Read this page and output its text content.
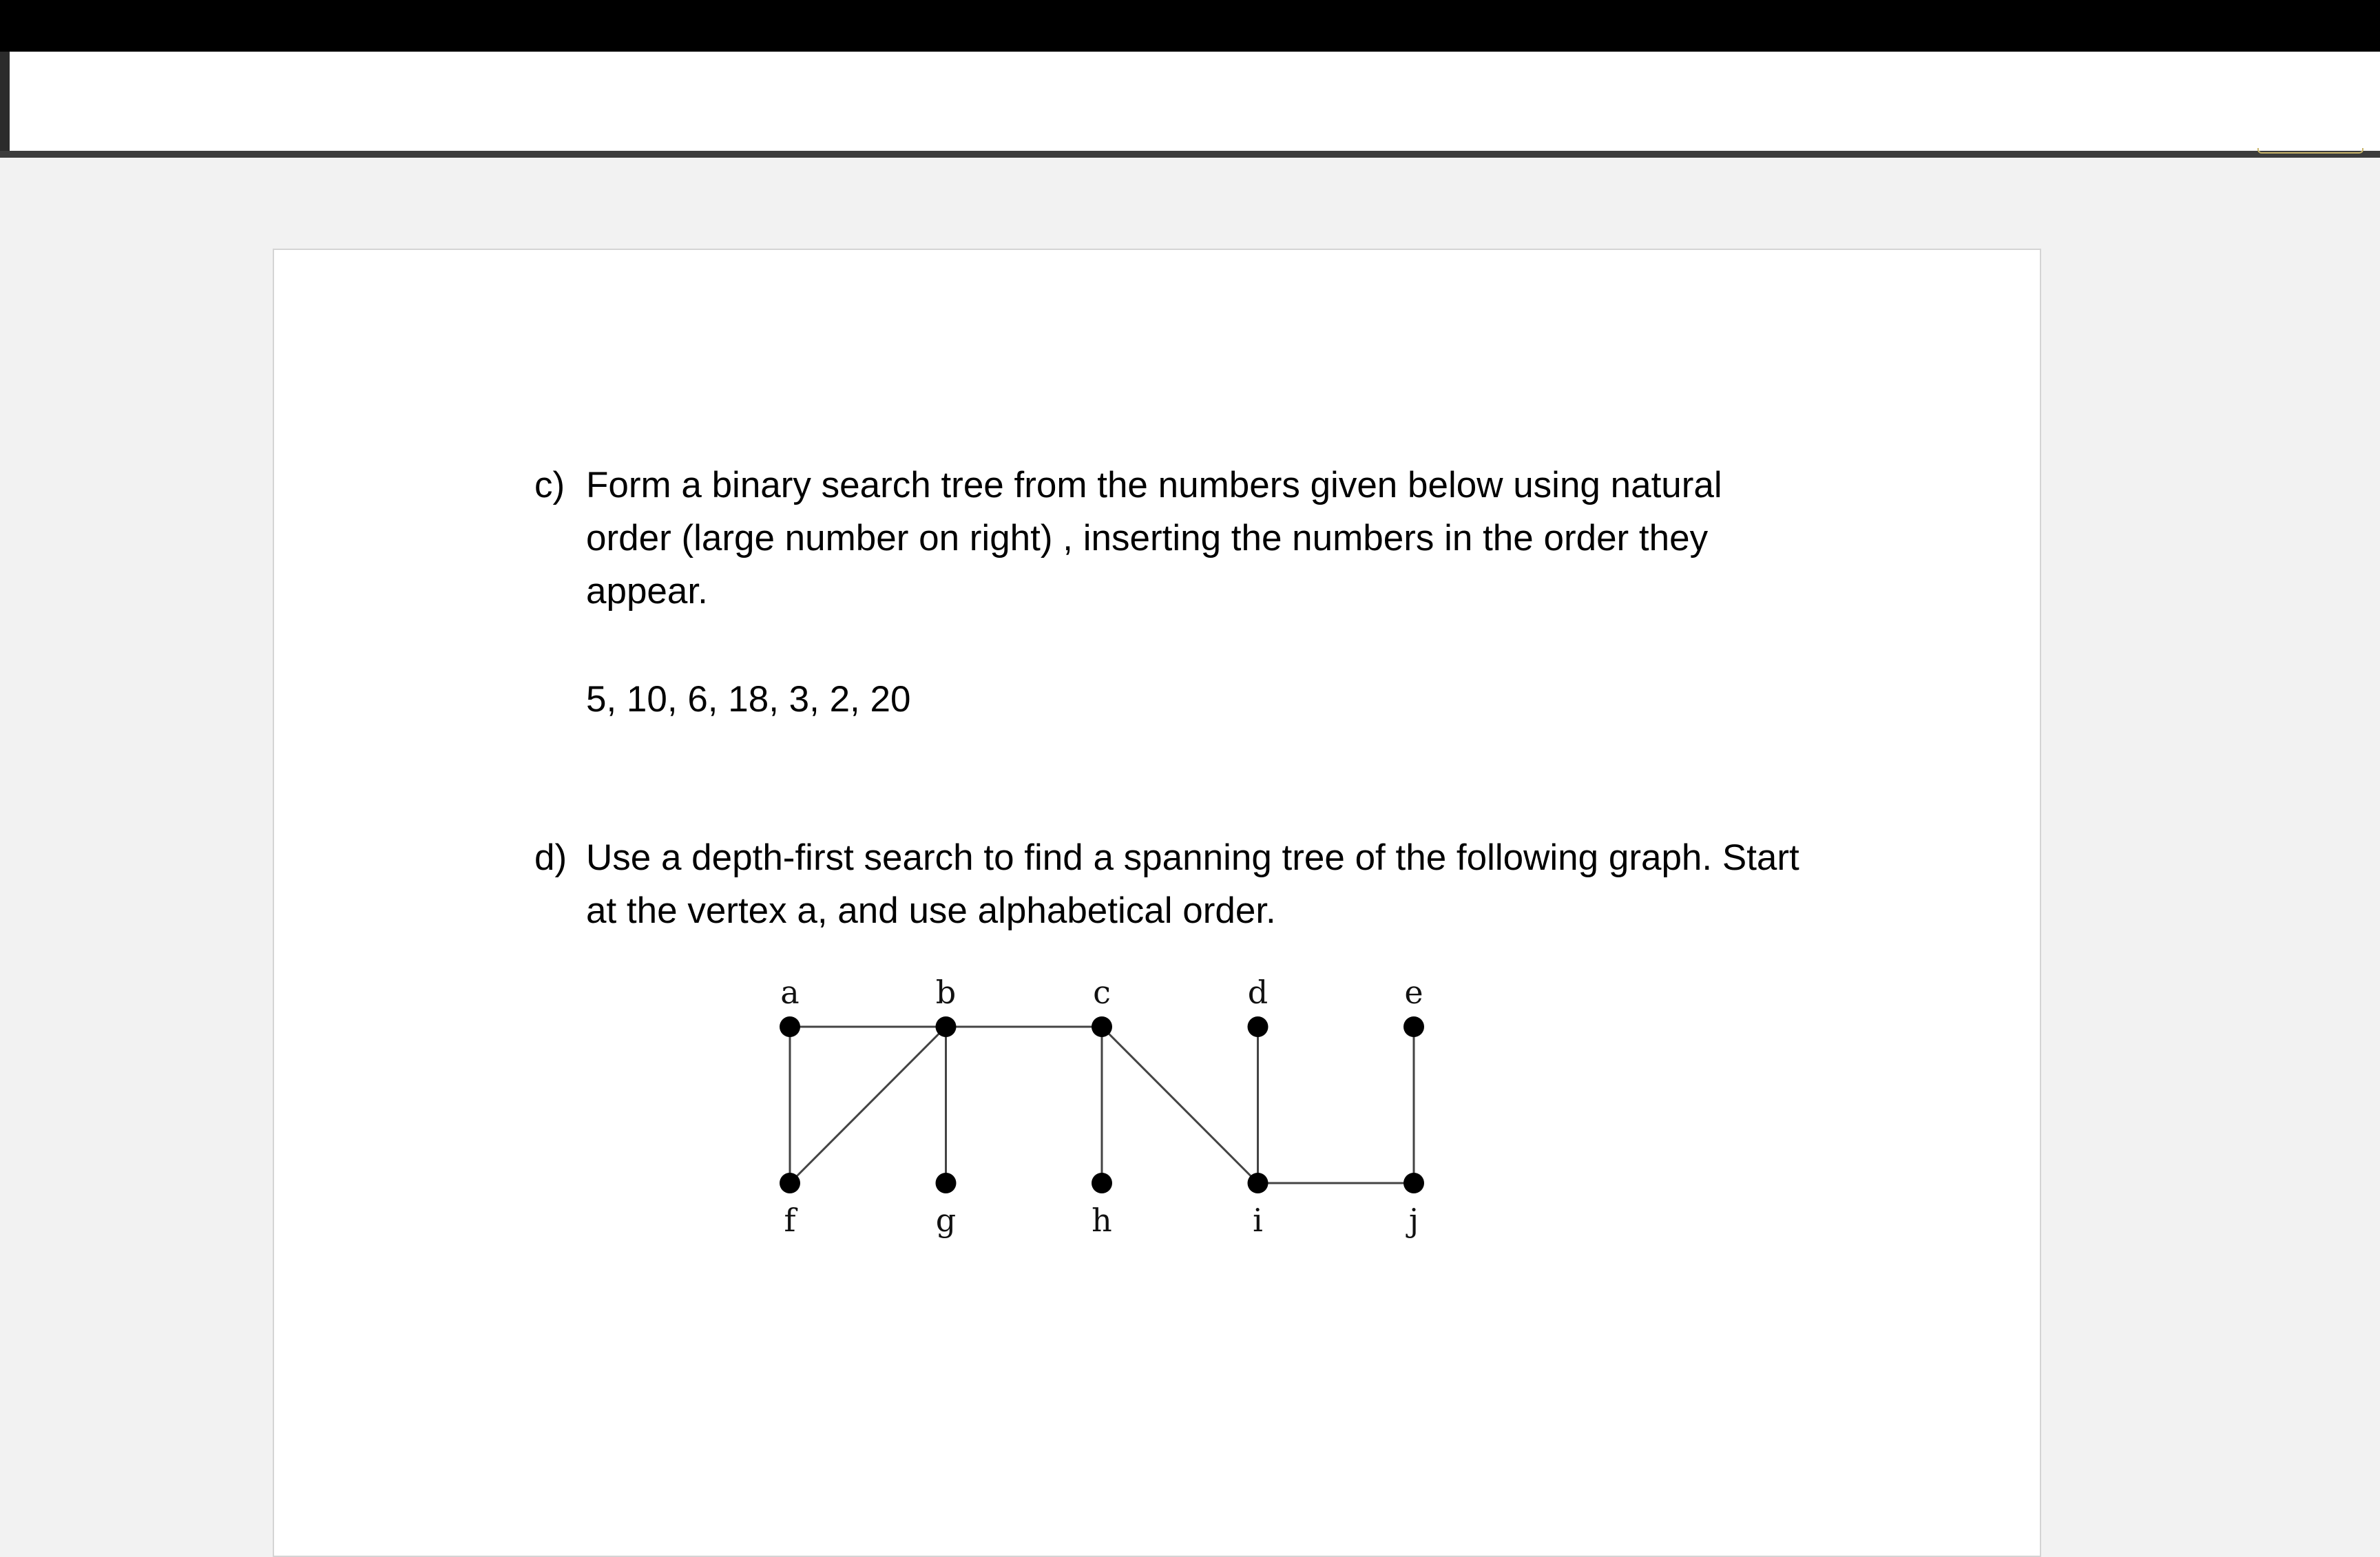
c) Form a binary search tree from the numbers given below using natural
order (large number on right) , inserting the numbers in the order they
appear.
5, 10, 6, 18, 3, 2, 20
d) Use a depth-first search to find a spanning tree of the following graph. Start
at the vertex a, and use alphabetical order.
a	b	c	d	e
f	g	h	i	j
